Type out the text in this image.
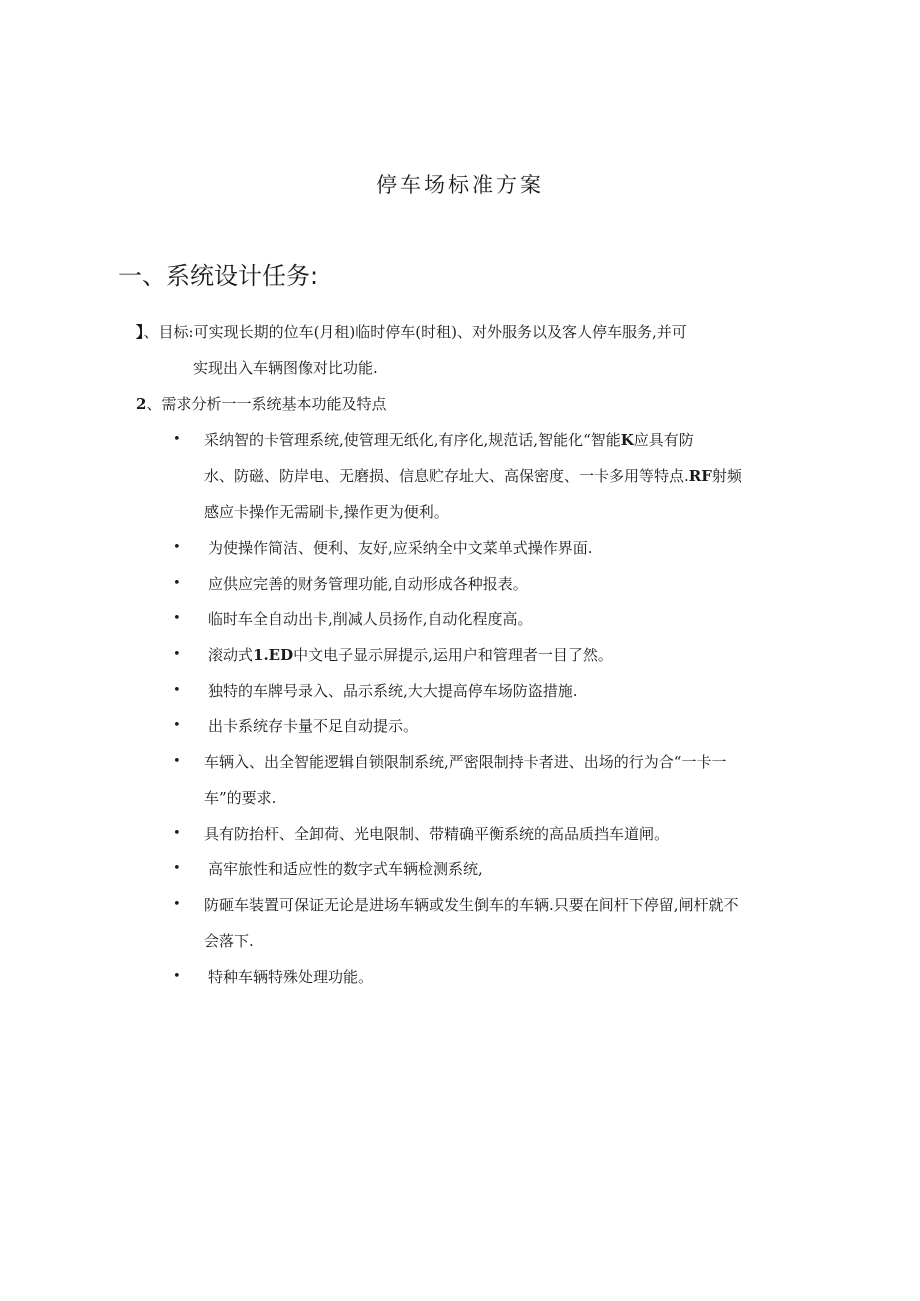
停车场标准方案
一、系统设计任务:
】、目标:可实现长期的位车(月租)临时停车(时租)、对外服务以及客人停车服务,并可
实现出入车辆图像对比功能.
2、需求分析一一系统基本功能及特点
• 采纳智的卡管理系统,使管理无纸化,有序化,规范话,智能化“智能K应具有防
水、防磁、防岸电、无磨损、信息贮存址大、高保密度、一卡多用等特点.RF射频
感应卡操作无需刷卡,操作更为便利。
• 为使操作简洁、便利、友好,应采纳全中文菜单式操作界面.
• 应供应完善的财务管理功能,自动形成各种报表。
• 临时车全自动出卡,削减人员扬作,自动化程度高。
• 滚动式1.ED中文电子显示屏提示,运用户和管理者一目了然。
• 独特的车牌号录入、品示系统,大大提高停车场防盗措施.
• 出卡系统存卡量不足自动提示。
• 车辆入、出全智能逻辑自锁限制系统,严密限制持卡者进、出场的行为合“一卡一
车”的要求.
• 具有防抬杆、全卸荷、光电限制、带精确平衡系统的高品质挡车道闸。
• 高牢旅性和适应性的数字式车辆检测系统,
• 防砸车装置可保证无论是进场车辆或发生倒车的车辆.只要在间杆下停留,闸杆就不
会落下.
• 特种车辆特殊处理功能。
